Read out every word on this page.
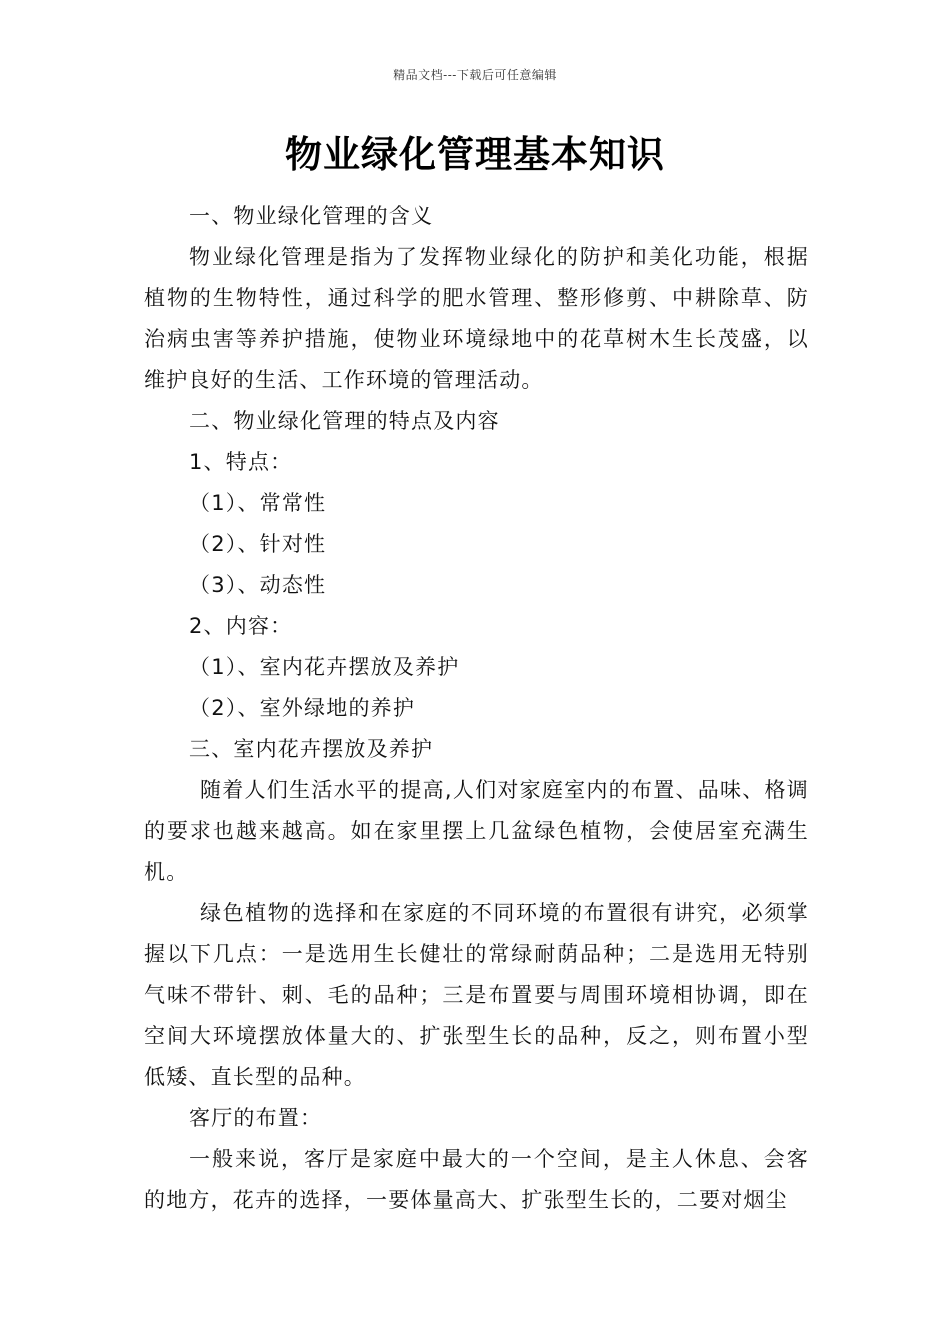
精品文档---下载后可任意编辑
物业绿化管理基本知识

一、物业绿化管理的含义

物业绿化管理是指为了发挥物业绿化的防护和美化功能，根据植物的生物特性，通过科学的肥水管理、整形修剪、中耕除草、防治病虫害等养护措施，使物业环境绿地中的花草树木生长茂盛，以维护良好的生活、工作环境的管理活动。

二、物业绿化管理的特点及内容

1、特点：

（1）、常常性

（2）、针对性

（3）、动态性

2、内容：

（1）、室内花卉摆放及养护

（2）、室外绿地的养护

三、室内花卉摆放及养护

随着人们生活水平的提高,人们对家庭室内的布置、品味、格调的要求也越来越高。如在家里摆上几盆绿色植物，会使居室充满生机。

绿色植物的选择和在家庭的不同环境的布置很有讲究，必须掌握以下几点：一是选用生长健壮的常绿耐荫品种；二是选用无特别气味不带针、刺、毛的品种；三是布置要与周围环境相协调，即在空间大环境摆放体量大的、扩张型生长的品种，反之，则布置小型低矮、直长型的品种。

客厅的布置：

一般来说，客厅是家庭中最大的一个空间，是主人休息、会客的地方，花卉的选择，一要体量高大、扩张型生长的，二要对烟尘
